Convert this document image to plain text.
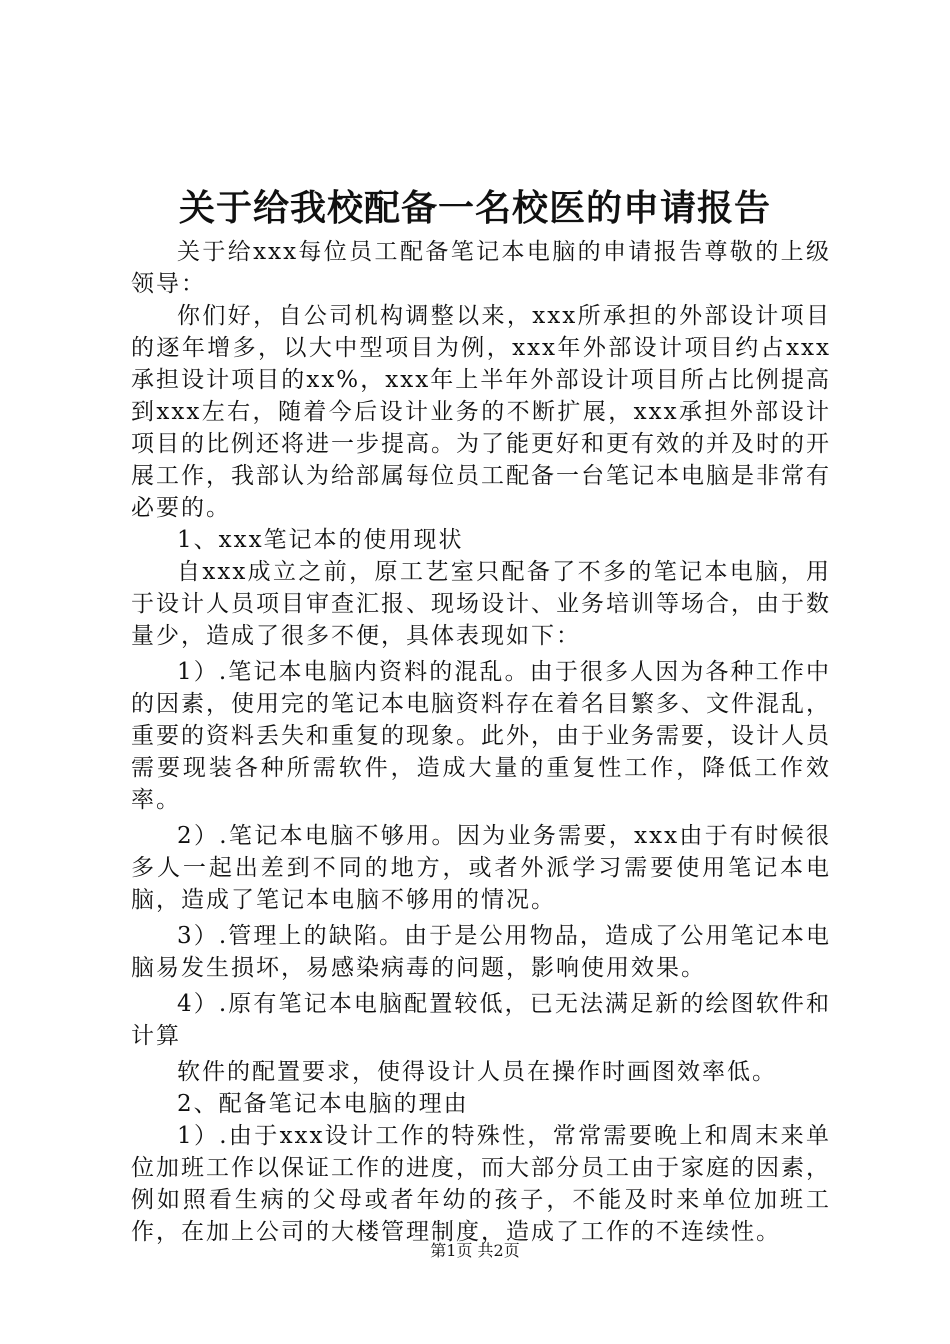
关于给我校配备一名校医的申请报告

关于给xxx每位员工配备笔记本电脑的申请报告尊敬的上级领导：

你们好，自公司机构调整以来，xxx所承担的外部设计项目的逐年增多，以大中型项目为例，xxx年外部设计项目约占xxx承担设计项目的xx%，xxx年上半年外部设计项目所占比例提高到xxx左右，随着今后设计业务的不断扩展，xxx承担外部设计项目的比例还将进一步提高。为了能更好和更有效的并及时的开展工作，我部认为给部属每位员工配备一台笔记本电脑是非常有必要的。

1、xxx笔记本的使用现状

自xxx成立之前，原工艺室只配备了不多的笔记本电脑，用于设计人员项目审查汇报、现场设计、业务培训等场合，由于数量少，造成了很多不便，具体表现如下：

1）.笔记本电脑内资料的混乱。由于很多人因为各种工作中的因素，使用完的笔记本电脑资料存在着名目繁多、文件混乱，重要的资料丢失和重复的现象。此外，由于业务需要，设计人员需要现装各种所需软件，造成大量的重复性工作，降低工作效率。

2）.笔记本电脑不够用。因为业务需要，xxx由于有时候很多人一起出差到不同的地方，或者外派学习需要使用笔记本电脑，造成了笔记本电脑不够用的情况。

3）.管理上的缺陷。由于是公用物品，造成了公用笔记本电脑易发生损坏，易感染病毒的问题，影响使用效果。

4）.原有笔记本电脑配置较低，已无法满足新的绘图软件和计算

软件的配置要求，使得设计人员在操作时画图效率低。

2、配备笔记本电脑的理由

1）.由于xxx设计工作的特殊性，常常需要晚上和周末来单位加班工作以保证工作的进度，而大部分员工由于家庭的因素，例如照看生病的父母或者年幼的孩子，不能及时来单位加班工作，在加上公司的大楼管理制度，造成了工作的不连续性。

第1页 共2页
